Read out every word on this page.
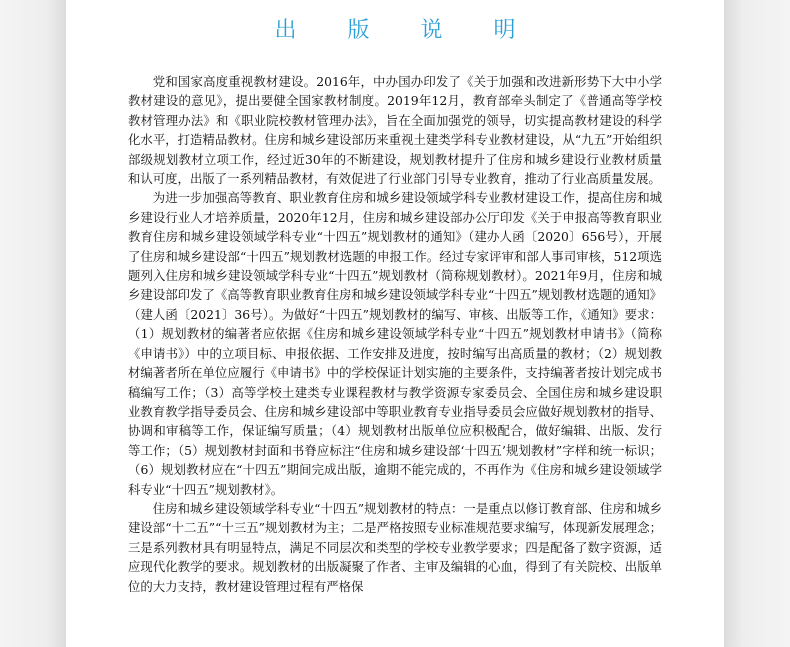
出 版 说 明

党和国家高度重视教材建设。2016年，中办国办印发了《关于加强和改进新形势下大中小学教材建设的意见》，提出要健全国家教材制度。2019年12月，教育部牵头制定了《普通高等学校教材管理办法》和《职业院校教材管理办法》，旨在全面加强党的领导，切实提高教材建设的科学化水平，打造精品教材。住房和城乡建设部历来重视土建类学科专业教材建设，从“九五”开始组织部级规划教材立项工作，经过近30年的不断建设，规划教材提升了住房和城乡建设行业教材质量和认可度，出版了一系列精品教材，有效促进了行业部门引导专业教育，推动了行业高质量发展。

为进一步加强高等教育、职业教育住房和城乡建设领域学科专业教材建设工作，提高住房和城乡建设行业人才培养质量，2020年12月，住房和城乡建设部办公厅印发《关于申报高等教育职业教育住房和城乡建设领域学科专业“十四五”规划教材的通知》（建办人函〔2020〕656号），开展了住房和城乡建设部“十四五”规划教材选题的申报工作。经过专家评审和部人事司审核，512项选题列入住房和城乡建设领域学科专业“十四五”规划教材（简称规划教材）。2021年9月，住房和城乡建设部印发了《高等教育职业教育住房和城乡建设领域学科专业“十四五”规划教材选题的通知》（建人函〔2021〕36号）。为做好“十四五”规划教材的编写、审核、出版等工作，《通知》要求：（1）规划教材的编著者应依据《住房和城乡建设领域学科专业“十四五”规划教材申请书》（简称《申请书》）中的立项目标、申报依据、工作安排及进度，按时编写出高质量的教材；（2）规划教材编著者所在单位应履行《申请书》中的学校保证计划实施的主要条件，支持编著者按计划完成书稿编写工作；（3）高等学校土建类专业课程教材与教学资源专家委员会、全国住房和城乡建设职业教育教学指导委员会、住房和城乡建设部中等职业教育专业指导委员会应做好规划教材的指导、协调和审稿等工作，保证编写质量；（4）规划教材出版单位应积极配合，做好编辑、出版、发行等工作；（5）规划教材封面和书脊应标注“住房和城乡建设部‘十四五’规划教材”字样和统一标识；（6）规划教材应在“十四五”期间完成出版，逾期不能完成的，不再作为《住房和城乡建设领域学科专业“十四五”规划教材》。

住房和城乡建设领域学科专业“十四五”规划教材的特点：一是重点以修订教育部、住房和城乡建设部“十二五”“十三五”规划教材为主；二是严格按照专业标准规范要求编写，体现新发展理念；三是系列教材具有明显特点，满足不同层次和类型的学校专业教学要求；四是配备了数字资源，适应现代化教学的要求。规划教材的出版凝聚了作者、主审及编辑的心血，得到了有关院校、出版单位的大力支持，教材建设管理过程有严格保
